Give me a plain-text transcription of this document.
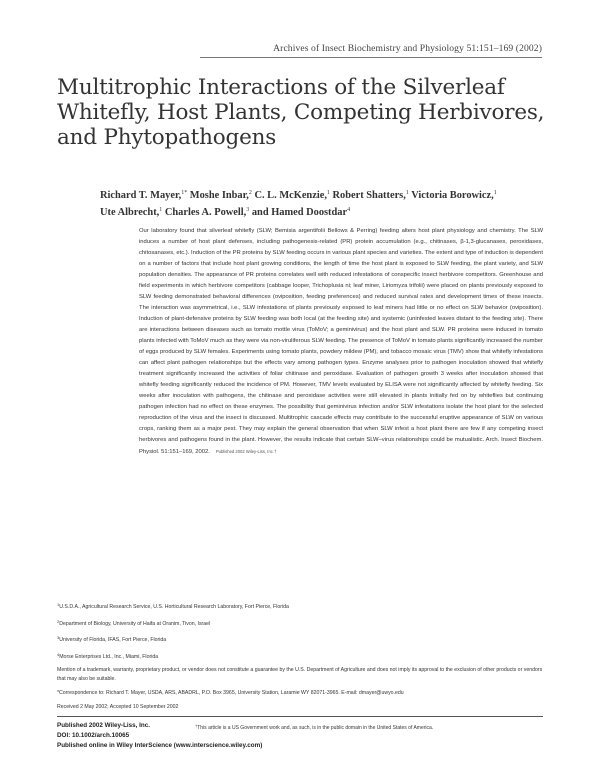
Archives of Insect Biochemistry and Physiology 51:151–169 (2002)
Multitrophic Interactions of the Silverleaf Whitefly, Host Plants, Competing Herbivores, and Phytopathogens
Richard T. Mayer,$^{1*}$ Moshe Inbar,$^2$ C. L. McKenzie,$^1$ Robert Shatters,$^1$ Victoria Borowicz,$^1$
Ute Albrecht,$^1$ Charles A. Powell,$^3$ and Hamed Doostdar$^4$
Our laboratory found that silverleaf whitefly (SLW; Bemisia argentifolii Bellows & Perring) feeding alters host plant physiology and chemistry. The SLW induces a number of host plant defenses, including pathogenesis-related (PR) protein accumulation (e.g., chitinases, β-1,3-glucanases, peroxidases, chitosanases, etc.). Induction of the PR proteins by SLW feeding occurs in various plant species and varieties. The extent and type of induction is dependent on a number of factors that include host plant growing conditions, the length of time the host plant is exposed to SLW feeding, the plant variety, and SLW population densities. The appearance of PR proteins correlates well with reduced infestations of conspecific insect herbivore competitors. Greenhouse and field experiments in which herbivore competitors (cabbage looper, Trichoplusia ni; leaf miner, Liriomyza trifolii) were placed on plants previously exposed to SLW feeding demonstrated behavioral differences (oviposition, feeding preferences) and reduced survival rates and development times of these insects. The interaction was asymmetrical, i.e., SLW infestations of plants previously exposed to leaf miners had little or no effect on SLW behavior (oviposition). Induction of plant-defensive proteins by SLW feeding was both local (at the feeding site) and systemic (uninfested leaves distant to the feeding site). There are interactions between diseases such as tomato mottle virus (ToMoV; a geminivirus) and the host plant and SLW. PR proteins were induced in tomato plants infected with ToMoV much as they were via non-viruliferous SLW feeding. The presence of ToMoV in tomato plants significantly increased the number of eggs produced by SLW females. Experiments using tomato plants, powdery mildew (PM), and tobacco mosaic virus (TMV) show that whitefly infestations can affect plant pathogen relationships but the effects vary among pathogen types. Enzyme analyses prior to pathogen inoculation showed that whitefly treatment significantly increased the activities of foliar chitinase and peroxidase. Evaluation of pathogen growth 3 weeks after inoculation showed that whitefly feeding significantly reduced the incidence of PM. However, TMV levels evaluated by ELISA were not significantly affected by whitefly feeding. Six weeks after inoculation with pathogens, the chitinase and peroxidase activities were still elevated in plants initially fed on by whiteflies but continuing pathogen infection had no effect on these enzymes. The possibility that geminivirus infection and/or SLW infestations isolate the host plant for the selected reproduction of the virus and the insect is discussed. Multitrophic cascade effects may contribute to the successful eruptive appearance of SLW on various crops, ranking them as a major pest. They may explain the general observation that when SLW infest a host plant there are few if any competing insect herbivores and pathogens found in the plant. However, the results indicate that certain SLW–virus relationships could be mutualistic. Arch. Insect Biochem. Physiol. 51:151–169, 2002. Published 2002 Wiley-Liss, Inc.†
$^1$U.S.D.A., Agricultural Research Service, U.S. Horticultural Research Laboratory, Fort Pierce, Florida
$^2$Department of Biology, University of Haifa at Oranim, Tivon, Israel
$^3$University of Florida, IFAS, Fort Pierce, Florida
$^4$Morse Enterprises Ltd., Inc., Miami, Florida
Mention of a trademark, warranty, proprietary product, or vendor does not constitute a guarantee by the U.S. Department of Agriculture and does not imply its approval to the exclusion of other products or vendors that may also be suitable.
*Correspondence to: Richard T. Mayer, USDA, ARS, ABADRL, P.O. Box 3965, University Station, Laramie WY 82071-3965. E-mail: dmayer@uwyo.edu
Received 2 May 2002; Accepted 10 September 2002
Published 2002 Wiley-Liss, Inc.
DOI: 10.1002/arch.10065
Published online in Wiley InterScience (www.interscience.wiley.com)
†This article is a US Government work and, as such, is in the public domain in the United States of America.
